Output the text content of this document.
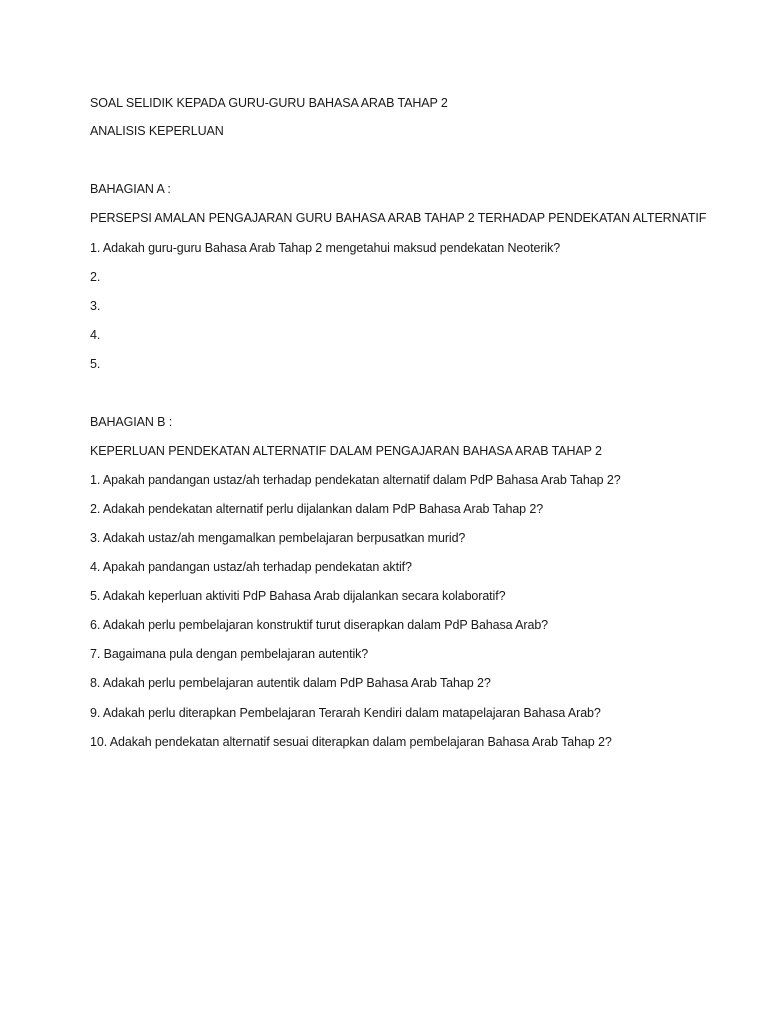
SOAL SELIDIK KEPADA GURU-GURU BAHASA ARAB TAHAP 2
ANALISIS KEPERLUAN
BAHAGIAN A :
PERSEPSI AMALAN PENGAJARAN GURU BAHASA ARAB TAHAP 2 TERHADAP PENDEKATAN ALTERNATIF
1. Adakah guru-guru Bahasa Arab Tahap 2 mengetahui maksud pendekatan Neoterik?
2.
3.
4.
5.
BAHAGIAN B :
KEPERLUAN PENDEKATAN ALTERNATIF DALAM PENGAJARAN BAHASA ARAB TAHAP 2
1. Apakah pandangan ustaz/ah terhadap pendekatan alternatif dalam PdP Bahasa Arab Tahap 2?
2. Adakah pendekatan alternatif perlu dijalankan dalam PdP Bahasa Arab Tahap 2?
3. Adakah ustaz/ah mengamalkan pembelajaran berpusatkan murid?
4. Apakah pandangan ustaz/ah terhadap pendekatan aktif?
5. Adakah keperluan aktiviti PdP Bahasa Arab dijalankan secara kolaboratif?
6. Adakah perlu pembelajaran konstruktif turut diserapkan dalam PdP Bahasa Arab?
7. Bagaimana pula dengan pembelajaran autentik?
8. Adakah perlu pembelajaran autentik dalam PdP Bahasa Arab Tahap 2?
9. Adakah perlu diterapkan Pembelajaran Terarah Kendiri dalam matapelajaran Bahasa Arab?
10. Adakah pendekatan alternatif sesuai diterapkan dalam pembelajaran Bahasa Arab Tahap 2?
